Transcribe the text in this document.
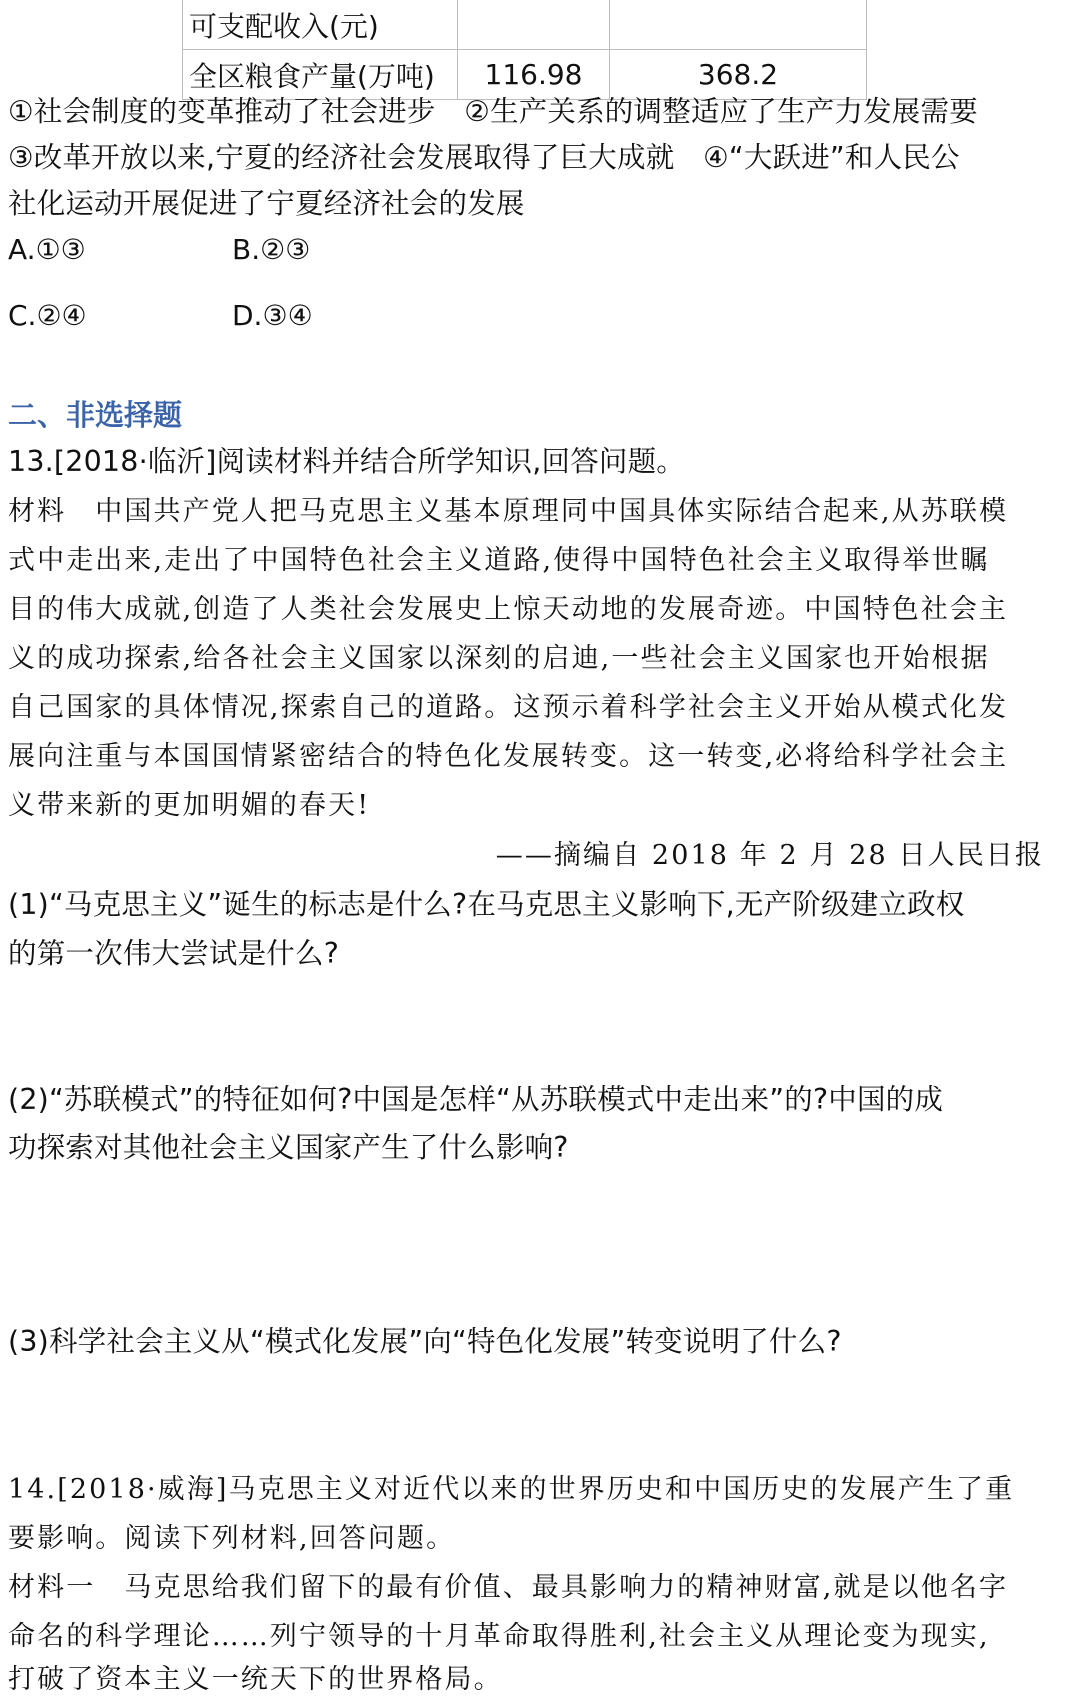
可支配收入(元)		
全区粮食产量(万吨)	116.98	368.2
①社会制度的变革推动了社会进步　②生产关系的调整适应了生产力发展需要
③改革开放以来,宁夏的经济社会发展取得了巨大成就　④“大跃进”和人民公
社化运动开展促进了宁夏经济社会的发展
A.①③	B.②③
C.②④	D.③④
二、非选择题
13.[2018·临沂]阅读材料并结合所学知识,回答问题。
材料　中国共产党人把马克思主义基本原理同中国具体实际结合起来,从苏联模
式中走出来,走出了中国特色社会主义道路,使得中国特色社会主义取得举世瞩
目的伟大成就,创造了人类社会发展史上惊天动地的发展奇迹。中国特色社会主
义的成功探索,给各社会主义国家以深刻的启迪,一些社会主义国家也开始根据
自己国家的具体情况,探索自己的道路。这预示着科学社会主义开始从模式化发
展向注重与本国国情紧密结合的特色化发展转变。这一转变,必将给科学社会主
义带来新的更加明媚的春天!
——摘编自 2018 年 2 月 28 日人民日报
(1)“马克思主义”诞生的标志是什么?在马克思主义影响下,无产阶级建立政权
的第一次伟大尝试是什么?
(2)“苏联模式”的特征如何?中国是怎样“从苏联模式中走出来”的?中国的成
功探索对其他社会主义国家产生了什么影响?
(3)科学社会主义从“模式化发展”向“特色化发展”转变说明了什么?
14.[2018·威海]马克思主义对近代以来的世界历史和中国历史的发展产生了重
要影响。阅读下列材料,回答问题。
材料一　马克思给我们留下的最有价值、最具影响力的精神财富,就是以他名字
命名的科学理论……列宁领导的十月革命取得胜利,社会主义从理论变为现实,
打破了资本主义一统天下的世界格局。
